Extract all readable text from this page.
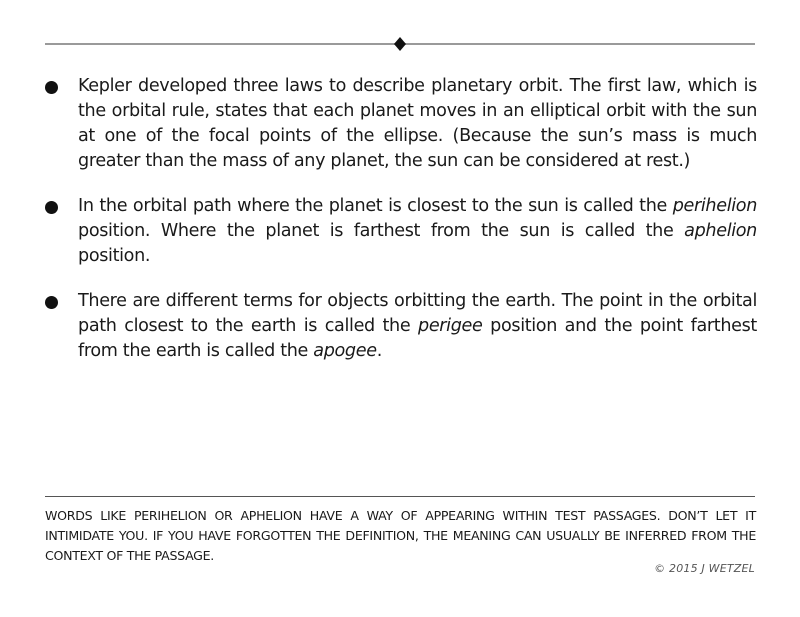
Kepler developed three laws to describe planetary orbit. The first law, which is the orbital rule, states that each planet moves in an elliptical orbit with the sun at one of the focal points of the ellipse. (Because the sun’s mass is much greater than the mass of any planet, the sun can be considered at rest.)
In the orbital path where the planet is closest to the sun is called the perihelion position. Where the planet is farthest from the sun is called the aphelion position.
There are different terms for objects orbitting the earth. The point in the orbital path closest to the earth is called the perigee position and the point farthest from the earth is called the apogee.
WORDS LIKE PERIHELION OR APHELION HAVE A WAY OF APPEARING WITHIN TEST PASSAGES. DON’T LET IT INTIMIDATE YOU. IF YOU HAVE FORGOTTEN THE DEFINITION, THE MEANING CAN USUALLY BE INFERRED FROM THE CONTEXT OF THE PASSAGE.
© 2015 J WETZEL
